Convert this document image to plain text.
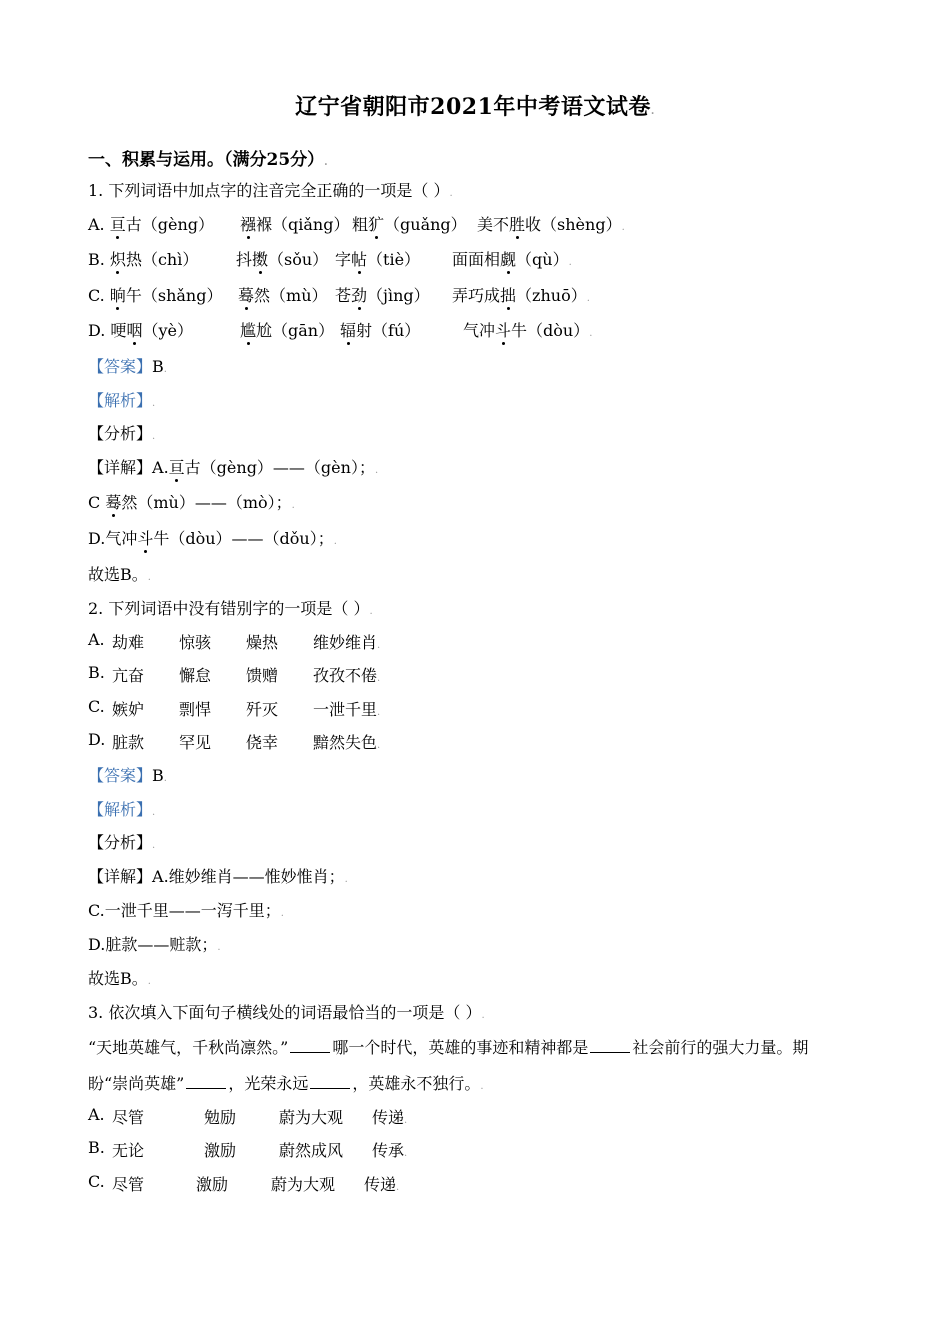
辽宁省朝阳市2021年中考语文试卷.
一、积累与运用。（满分25分）.
1. 下列词语中加点字的注音完全正确的一项是（ ）.
A. 亘古（gèng） 襁褓（qiǎng） 粗犷（guǎng） 美不胜收（shèng）.
B. 炽热（chì） 抖擞（sǒu） 字帖（tiè） 面面相觑（qù）.
C. 晌午（shǎng） 蓦然（mù） 苍劲（jìng） 弄巧成拙（zhuō）.
D. 哽咽（yè）	尴尬（gān） 辐射（fú）	气冲斗牛（dòu）.
【答案】B.
【解析】.
【分析】.
【详解】A.亘古（gèng）——（gèn）；.
C 蓦然（mù）——（mò）；.
D.气冲斗牛（dòu）——（dǒu）；.
故选B。.
2. 下列词语中没有错别字的一项是（ ）.
A. 劫难 惊骇 燥热 维妙维肖.
B. 亢奋 懈怠 馈赠 孜孜不倦.
C. 嫉妒 剽悍 歼灭 一泄千里.
D. 脏款 罕见 侥幸 黯然失色.
【答案】B.
【解析】.
【分析】.
【详解】A.维妙维肖——惟妙惟肖；.
C.一泄千里——一泻千里；.
D.脏款——赃款；.
故选B。.
3. 依次填入下面句子横线处的词语最恰当的一项是（ ）.
“天地英雄气，千秋尚凛然。”	哪一个时代，英雄的事迹和精神都是	社会前行的强大力量。期
盼“崇尚英雄”	，光荣永远	，英雄永不独行。.
A. 尽管	勉励	蔚为大观 传递.
B. 无论	激励	蔚然成风 传承.
C. 尽管	激励	蔚为大观 传递.
